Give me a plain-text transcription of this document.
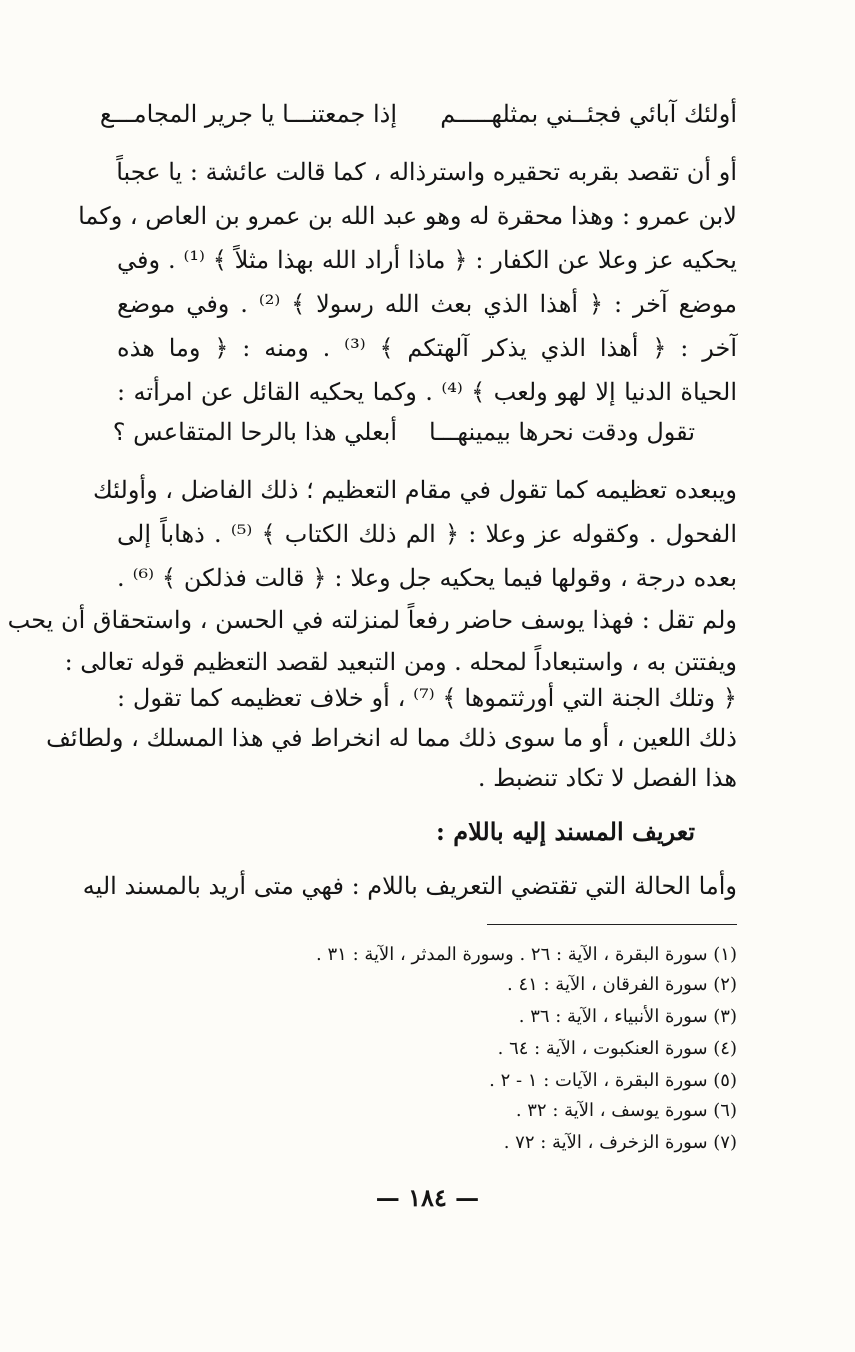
أولئك آبائي فجئــني بمثلهـــــم
إذا جمعتنـــا يا جرير المجامـــع
أو أن تقصد بقربه تحقيره واسترذاله ، كما قالت عائشة : يا عجباً
لابن عمرو : وهذا محقرة له وهو عبد الله بن عمرو بن العاص ، وكما
يحكيه عز وعلا عن الكفار : ﴿ ماذا أراد الله بهذا مثلاً ﴾ ⁽¹⁾ . وفي
موضع آخر : ﴿ أهذا الذي بعث الله رسولا ﴾ ⁽²⁾ . وفي موضع
آخر : ﴿ أهذا الذي يذكر آلهتكم ﴾ ⁽³⁾ . ومنه : ﴿ وما هذه
الحياة الدنيا إلا لهو ولعب ﴾ ⁽⁴⁾ . وكما يحكيه القائل عن امرأته :
تقول ودقت نحرها بيمينهـــا
أبعلي هذا بالرحا المتقاعس ؟
ويبعده تعظيمه كما تقول في مقام التعظيم ؛ ذلك الفاضل ، وأولئك
الفحول . وكقوله عز وعلا : ﴿ الم ذلك الكتاب ﴾ ⁽⁵⁾ . ذهاباً إلى
بعده درجة ، وقولها فيما يحكيه جل وعلا : ﴿ قالت فذلكن ﴾ ⁽⁶⁾ .
ولم تقل : فهذا يوسف حاضر رفعاً لمنزلته في الحسن ، واستحقاق أن يحب
ويفتتن به ، واستبعاداً لمحله . ومن التبعيد لقصد التعظيم قوله تعالى :
﴿ وتلك الجنة التي أورثتموها ﴾ ⁽⁷⁾ ، أو خلاف تعظيمه كما تقول :
ذلك اللعين ، أو ما سوى ذلك مما له انخراط في هذا المسلك ، ولطائف
هذا الفصل لا تكاد تنضبط .
تعريف المسند إليه باللام :
وأما الحالة التي تقتضي التعريف باللام : فهي متى أريد بالمسند اليه
(١) سورة البقرة ، الآية : ٢٦ . وسورة المدثر ، الآية : ٣١ .
(٢) سورة الفرقان ، الآية : ٤١ .
(٣) سورة الأنبياء ، الآية : ٣٦ .
(٤) سورة العنكبوت ، الآية : ٦٤ .
(٥) سورة البقرة ، الآيات : ١ - ٢ .
(٦) سورة يوسف ، الآية : ٣٢ .
(٧) سورة الزخرف ، الآية : ٧٢ .
— ١٨٤ —
